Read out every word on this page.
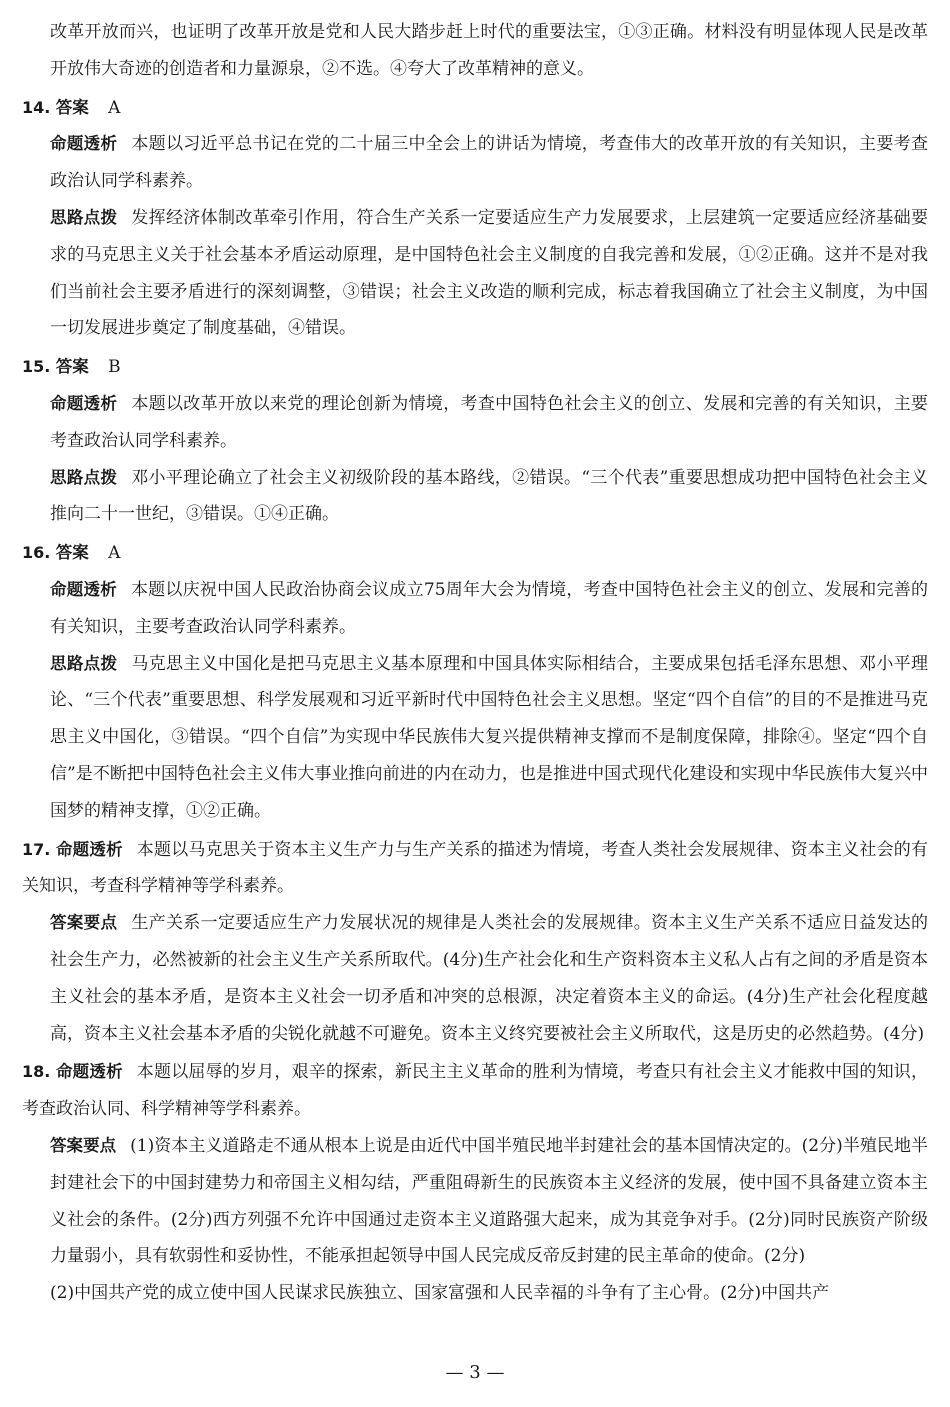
改革开放而兴，也证明了改革开放是党和人民大踏步赶上时代的重要法宝，①③正确。材料没有明显体现人民是改革开放伟大奇迹的创造者和力量源泉，②不选。④夸大了改革精神的意义。

14. 答案 A

命题透析 本题以习近平总书记在党的二十届三中全会上的讲话为情境，考查伟大的改革开放的有关知识，主要考查政治认同学科素养。

思路点拨 发挥经济体制改革牵引作用，符合生产关系一定要适应生产力发展要求，上层建筑一定要适应经济基础要求的马克思主义关于社会基本矛盾运动原理，是中国特色社会主义制度的自我完善和发展，①②正确。这并不是对我们当前社会主要矛盾进行的深刻调整，③错误；社会主义改造的顺利完成，标志着我国确立了社会主义制度，为中国一切发展进步奠定了制度基础，④错误。

15. 答案 B

命题透析 本题以改革开放以来党的理论创新为情境，考查中国特色社会主义的创立、发展和完善的有关知识，主要考查政治认同学科素养。

思路点拨 邓小平理论确立了社会主义初级阶段的基本路线，②错误。“三个代表”重要思想成功把中国特色社会主义推向二十一世纪，③错误。①④正确。

16. 答案 A

命题透析 本题以庆祝中国人民政治协商会议成立75周年大会为情境，考查中国特色社会主义的创立、发展和完善的有关知识，主要考查政治认同学科素养。

思路点拨 马克思主义中国化是把马克思主义基本原理和中国具体实际相结合，主要成果包括毛泽东思想、邓小平理论、“三个代表”重要思想、科学发展观和习近平新时代中国特色社会主义思想。坚定“四个自信”的目的不是推进马克思主义中国化，③错误。“四个自信”为实现中华民族伟大复兴提供精神支撑而不是制度保障，排除④。坚定“四个自信”是不断把中国特色社会主义伟大事业推向前进的内在动力，也是推进中国式现代化建设和实现中华民族伟大复兴中国梦的精神支撑，①②正确。

17. 命题透析 本题以马克思关于资本主义生产力与生产关系的描述为情境，考查人类社会发展规律、资本主义社会的有关知识，考查科学精神等学科素养。

答案要点 生产关系一定要适应生产力发展状况的规律是人类社会的发展规律。资本主义生产关系不适应日益发达的社会生产力，必然被新的社会主义生产关系所取代。(4分)生产社会化和生产资料资本主义私人占有之间的矛盾是资本主义社会的基本矛盾，是资本主义社会一切矛盾和冲突的总根源，决定着资本主义的命运。(4分)生产社会化程度越高，资本主义社会基本矛盾的尖锐化就越不可避免。资本主义终究要被社会主义所取代，这是历史的必然趋势。(4分)

18. 命题透析 本题以屈辱的岁月，艰辛的探索，新民主主义革命的胜利为情境，考查只有社会主义才能救中国的知识，考查政治认同、科学精神等学科素养。

答案要点 (1)资本主义道路走不通从根本上说是由近代中国半殖民地半封建社会的基本国情决定的。(2分)半殖民地半封建社会下的中国封建势力和帝国主义相勾结，严重阻碍新生的民族资本主义经济的发展，使中国不具备建立资本主义社会的条件。(2分)西方列强不允许中国通过走资本主义道路强大起来，成为其竞争对手。(2分)同时民族资产阶级力量弱小，具有软弱性和妥协性，不能承担起领导中国人民完成反帝反封建的民主革命的使命。(2分)

(2)中国共产党的成立使中国人民谋求民族独立、国家富强和人民幸福的斗争有了主心骨。(2分)中国共产

— 3 —
